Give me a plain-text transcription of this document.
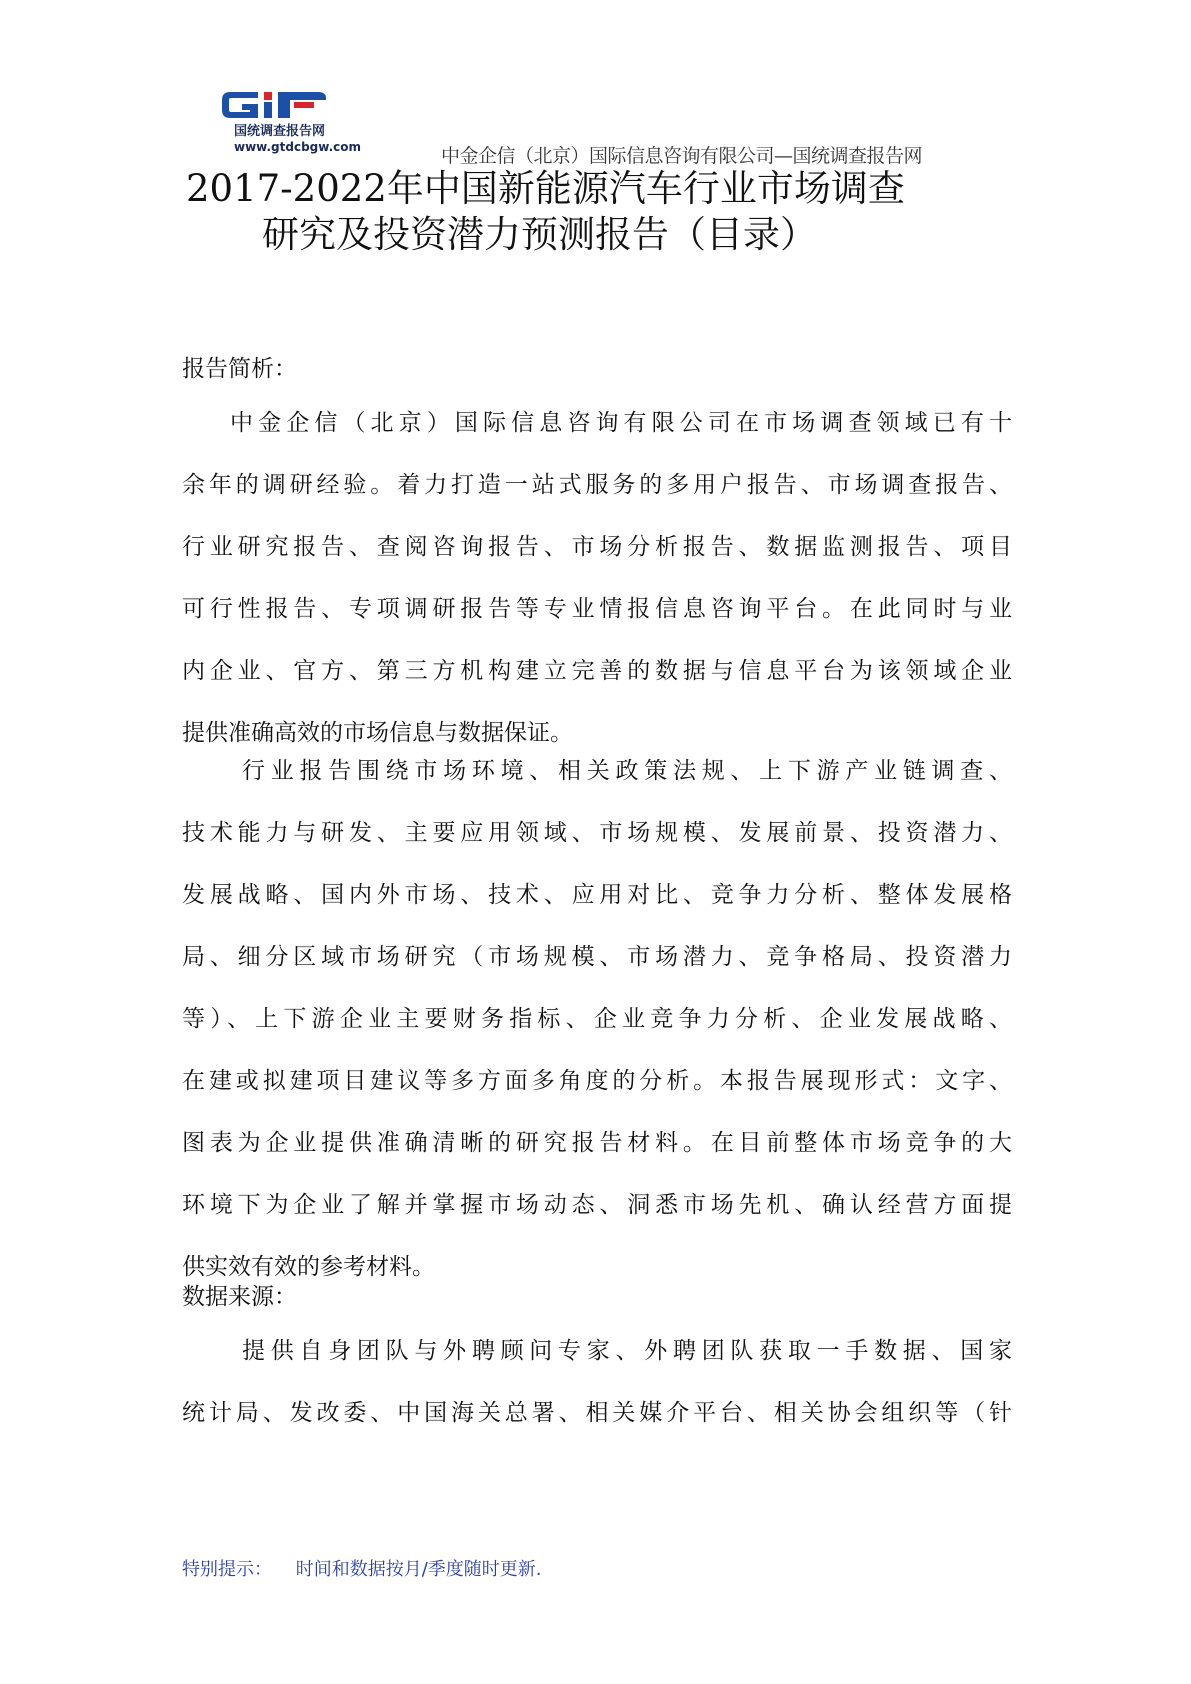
国统调查报告网
www.gtdcbgw.com	中金企信（北京）国际信息咨询有限公司—国统调查报告网
2017-2022年中国新能源汽车行业市场调查
研究及投资潜力预测报告（目录）
报告简析：
中金企信（北京）国际信息咨询有限公司在市场调查领域已有十
余年的调研经验。着力打造一站式服务的多用户报告、市场调查报告、
行业研究报告、查阅咨询报告、市场分析报告、数据监测报告、项目
可行性报告、专项调研报告等专业情报信息咨询平台。在此同时与业
内企业、官方、第三方机构建立完善的数据与信息平台为该领域企业
提供准确高效的市场信息与数据保证。
行业报告围绕市场环境、相关政策法规、上下游产业链调查、
技术能力与研发、主要应用领域、市场规模、发展前景、投资潜力、
发展战略、国内外市场、技术、应用对比、竞争力分析、整体发展格
局、细分区域市场研究（市场规模、市场潜力、竞争格局、投资潜力
等）、上下游企业主要财务指标、企业竞争力分析、企业发展战略、
在建或拟建项目建议等多方面多角度的分析。本报告展现形式：文字、
图表为企业提供准确清晰的研究报告材料。在目前整体市场竞争的大
环境下为企业了解并掌握市场动态、洞悉市场先机、确认经营方面提
供实效有效的参考材料。
数据来源：
提供自身团队与外聘顾问专家、外聘团队获取一手数据、国家
统计局、发改委、中国海关总署、相关媒介平台、相关协会组织等（针
特别提示： 时间和数据按月/季度随时更新.
